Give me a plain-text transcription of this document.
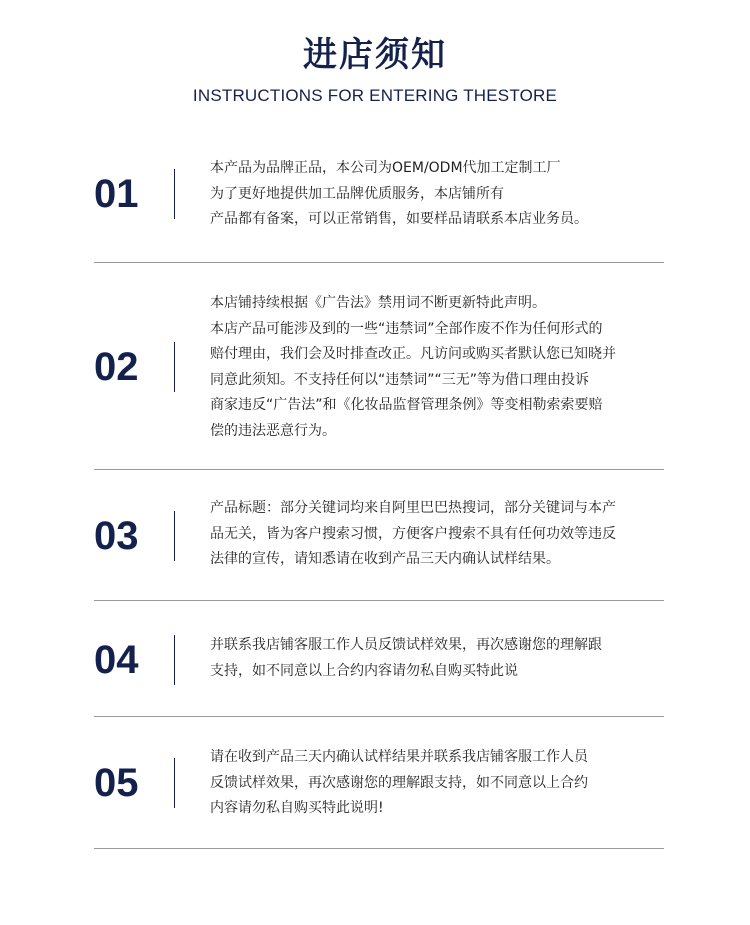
进店须知
INSTRUCTIONS FOR ENTERING THESTORE
01

本产品为品牌正品，本公司为OEM/ODM代加工定制工厂

为了更好地提供加工品牌优质服务，本店铺所有

产品都有备案，可以正常销售，如要样品请联系本店业务员。

02

本店铺持续根据《广告法》禁用词不断更新特此声明。

本店产品可能涉及到的一些“违禁词”全部作废不作为任何形式的

赔付理由，我们会及时排查改正。凡访问或购买者默认您已知晓并

同意此须知。不支持任何以“违禁词”“三无”等为借口理由投诉

商家违反“广告法”和《化妆品监督管理条例》等变相勒索索要赔

偿的违法恶意行为。

03

产品标题：部分关键词均来自阿里巴巴热搜词，部分关键词与本产

品无关，皆为客户搜索习惯，方便客户搜索不具有任何功效等违反

法律的宣传，请知悉请在收到产品三天内确认试样结果。

04	并联系我店铺客服工作人员反馈试样效果，再次感谢您的理解跟

支持，如不同意以上合约内容请勿私自购买特此说

05

请在收到产品三天内确认试样结果并联系我店铺客服工作人员

反馈试样效果，再次感谢您的理解跟支持，如不同意以上合约

内容请勿私自购买特此说明!
